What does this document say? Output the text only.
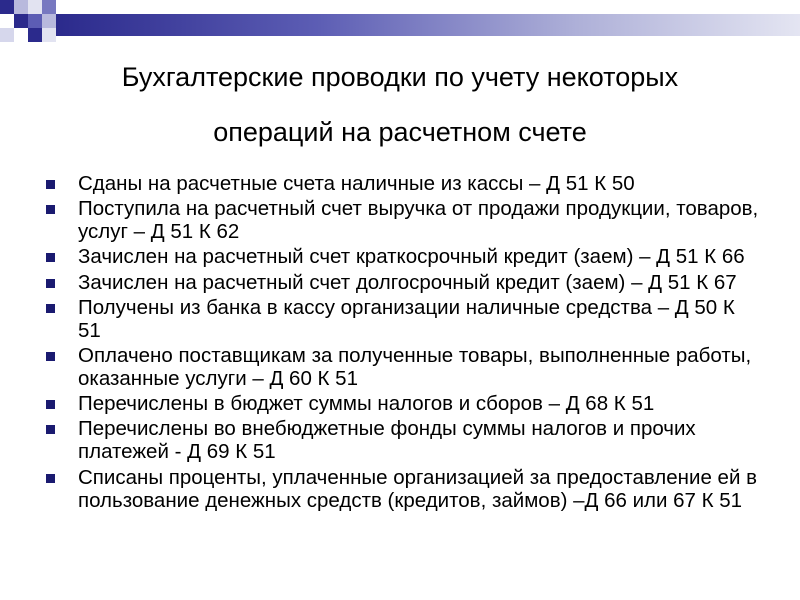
Бухгалтерские проводки по учету некоторых
операций на расчетном счете
Сданы на расчетные счета наличные из кассы – Д 51 К 50
Поступила на расчетный счет выручка от продажи продукции, товаров, услуг – Д 51 К 62
Зачислен на расчетный счет краткосрочный кредит (заем) – Д 51 К 66
Зачислен на расчетный счет долгосрочный кредит (заем) – Д 51 К 67
Получены из банка в кассу организации наличные средства – Д 50 К 51
Оплачено поставщикам за полученные товары, выполненные работы, оказанные услуги – Д 60 К 51
Перечислены в бюджет суммы налогов и сборов – Д 68 К 51
Перечислены во внебюджетные фонды суммы налогов и прочих платежей - Д 69 К 51
Списаны проценты, уплаченные организацией за предоставление ей в пользование денежных средств (кредитов, займов) –Д 66 или 67 К 51
